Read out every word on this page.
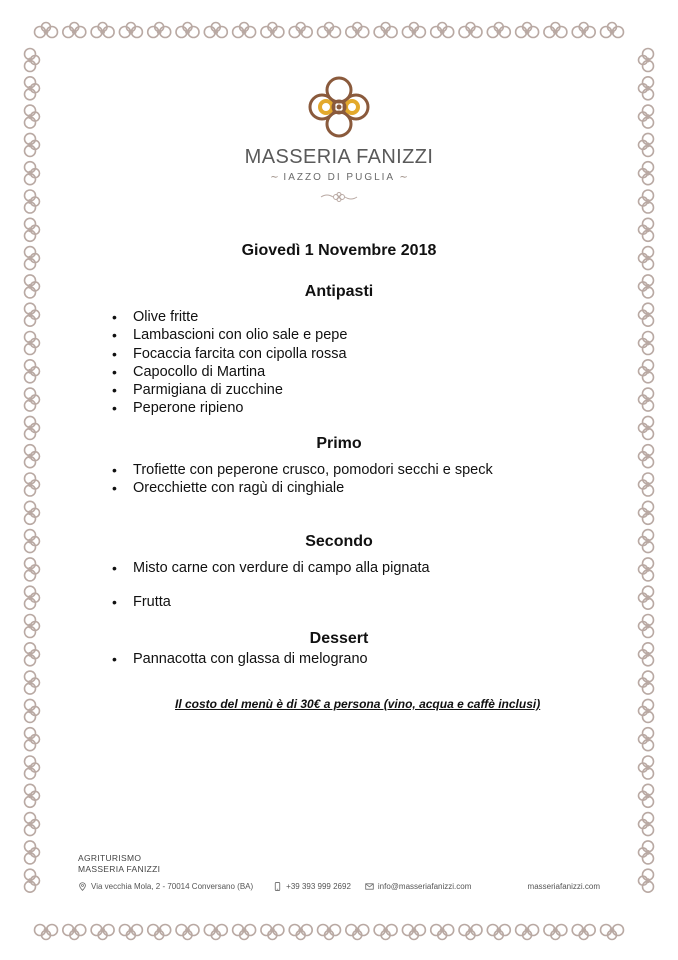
MASSERIA FANIZZI
∼ IAZZO DI PUGLIA ∼
Giovedì 1 Novembre 2018
Antipasti
• Olive fritte
• Lambascioni con olio sale e pepe
• Focaccia farcita con cipolla rossa
• Capocollo di Martina
• Parmigiana di zucchine
• Peperone ripieno
Primo
• Trofiette con peperone crusco, pomodori secchi e speck
• Orecchiette con ragù di cinghiale
Secondo
• Misto carne con verdure di campo alla pignata
• Frutta
Dessert
• Pannacotta con glassa di melograno
Il costo del menù è di 30€ a persona (vino, acqua e caffè inclusi)
AGRITURISMO
MASSERIA FANIZZI
Via vecchia Mola, 2 - 70014 Conversano (BA)	+39 393 999 2692	info@masseriafanizzi.com	masseriafanizzi.com
